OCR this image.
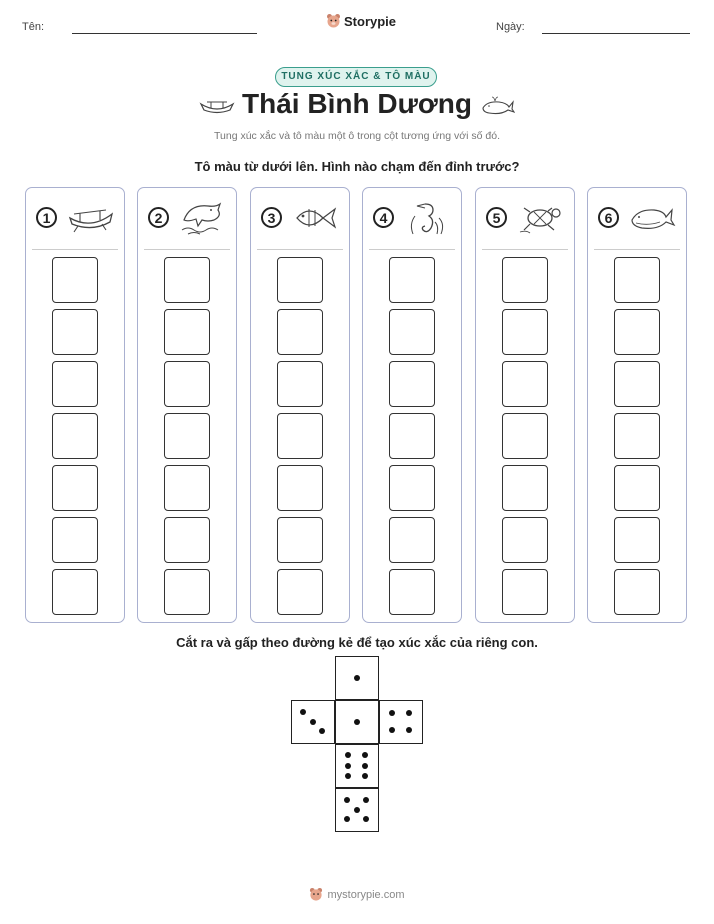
Tên:	Storypie	Ngày:
TUNG XÚC XẮC & TÔ MÀU
Thái Bình Dương
Tung xúc xắc và tô màu một ô trong cột tương ứng với số đó.
Tô màu từ dưới lên. Hình nào chạm đến đỉnh trước?
1	2	3	4	5	6
Cắt ra và gấp theo đường kẻ để tạo xúc xắc của riêng con.
mystorypie.com
